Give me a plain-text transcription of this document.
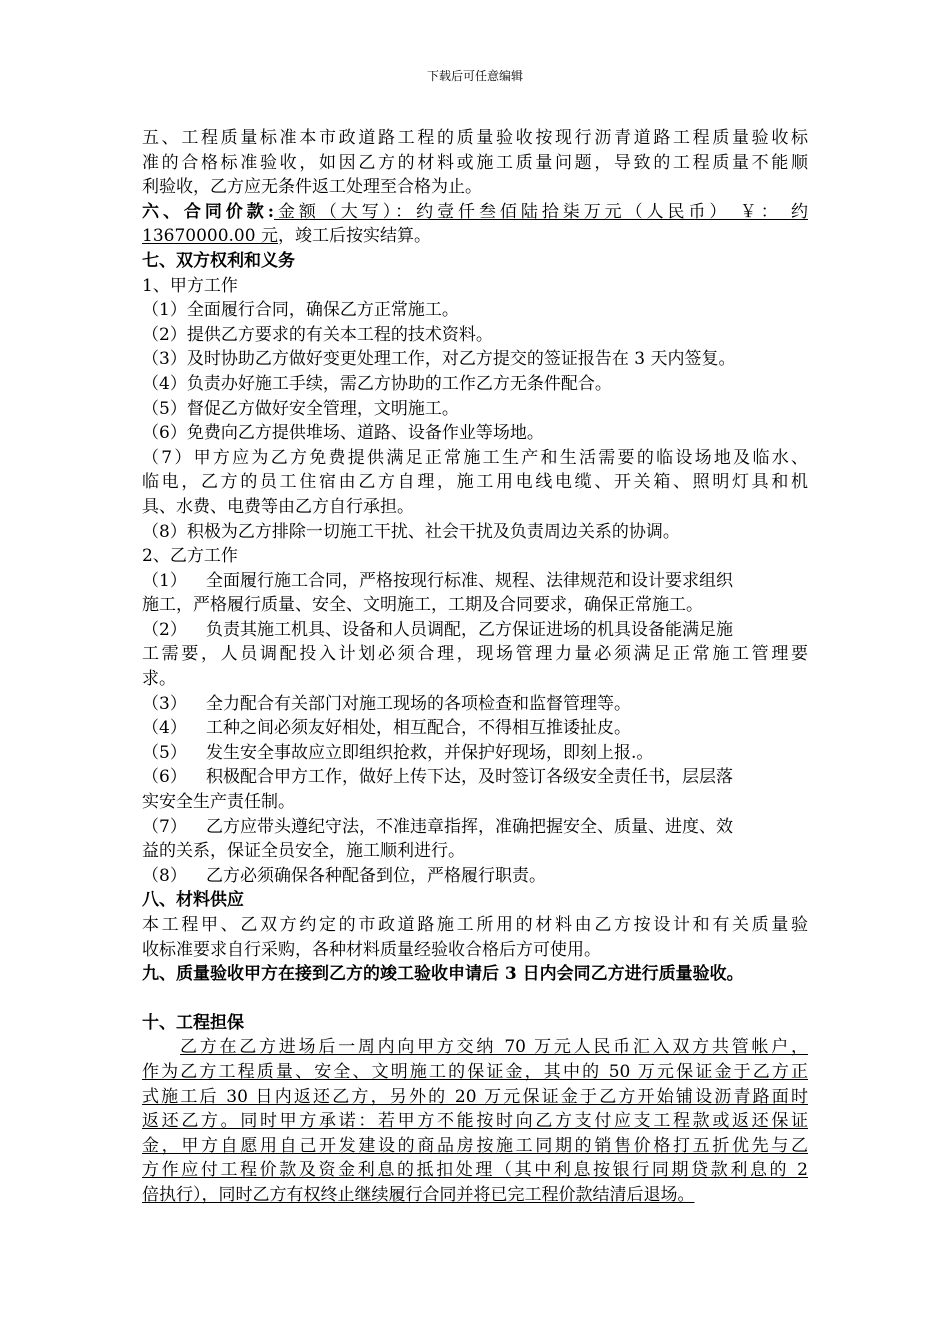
下载后可任意编辑
五、工程质量标准本市政道路工程的质量验收按现行沥青道路工程质量验收标
准的合格标准验收，如因乙方的材料或施工质量问题，导致的工程质量不能顺
利验收，乙方应无条件返工处理至合格为止。
六、合同价款:金额（大写）：约壹仟叁佰陆拾柒万元（人民币） ￥： 约
13670000.00 元，竣工后按实结算。
七、双方权利和义务
1、甲方工作
（1）全面履行合同，确保乙方正常施工。
（2）提供乙方要求的有关本工程的技术资料。
（3）及时协助乙方做好变更处理工作，对乙方提交的签证报告在 3 天内签复。
（4）负责办好施工手续，需乙方协助的工作乙方无条件配合。
（5）督促乙方做好安全管理，文明施工。
（6）免费向乙方提供堆场、道路、设备作业等场地。
（7）甲方应为乙方免费提供满足正常施工生产和生活需要的临设场地及临水、
临电，乙方的员工住宿由乙方自理，施工用电线电缆、开关箱、照明灯具和机
具、水费、电费等由乙方自行承担。
（8）积极为乙方排除一切施工干扰、社会干扰及负责周边关系的协调。
2、乙方工作
（1） 全面履行施工合同，严格按现行标准、规程、法律规范和设计要求组织
施工，严格履行质量、安全、文明施工，工期及合同要求，确保正常施工。
（2） 负责其施工机具、设备和人员调配，乙方保证进场的机具设备能满足施
工需要，人员调配投入计划必须合理，现场管理力量必须满足正常施工管理要
求。
（3） 全力配合有关部门对施工现场的各项检查和监督管理等。
（4） 工种之间必须友好相处，相互配合，不得相互推诿扯皮。
（5） 发生安全事故应立即组织抢救，并保护好现场，即刻上报.。
（6） 积极配合甲方工作，做好上传下达，及时签订各级安全责任书，层层落
实安全生产责任制。
（7） 乙方应带头遵纪守法，不准违章指挥，准确把握安全、质量、进度、效
益的关系，保证全员安全，施工顺利进行。
（8） 乙方必须确保各种配备到位，严格履行职责。
八、材料供应
本工程甲、乙双方约定的市政道路施工所用的材料由乙方按设计和有关质量验
收标准要求自行采购，各种材料质量经验收合格后方可使用。
九、质量验收甲方在接到乙方的竣工验收申请后 3 日内会同乙方进行质量验收。
十、工程担保
乙方在乙方进场后一周内向甲方交纳 70 万元人民币汇入双方共管帐户，
作为乙方工程质量、安全、文明施工的保证金，其中的 50 万元保证金于乙方正
式施工后 30 日内返还乙方，另外的 20 万元保证金于乙方开始铺设沥青路面时
返还乙方。同时甲方承诺：若甲方不能按时向乙方支付应支工程款或返还保证
金，甲方自愿用自己开发建设的商品房按施工同期的销售价格打五折优先与乙
方作应付工程价款及资金利息的抵扣处理（其中利息按银行同期贷款利息的 2
倍执行），同时乙方有权终止继续履行合同并将已完工程价款结清后退场。
